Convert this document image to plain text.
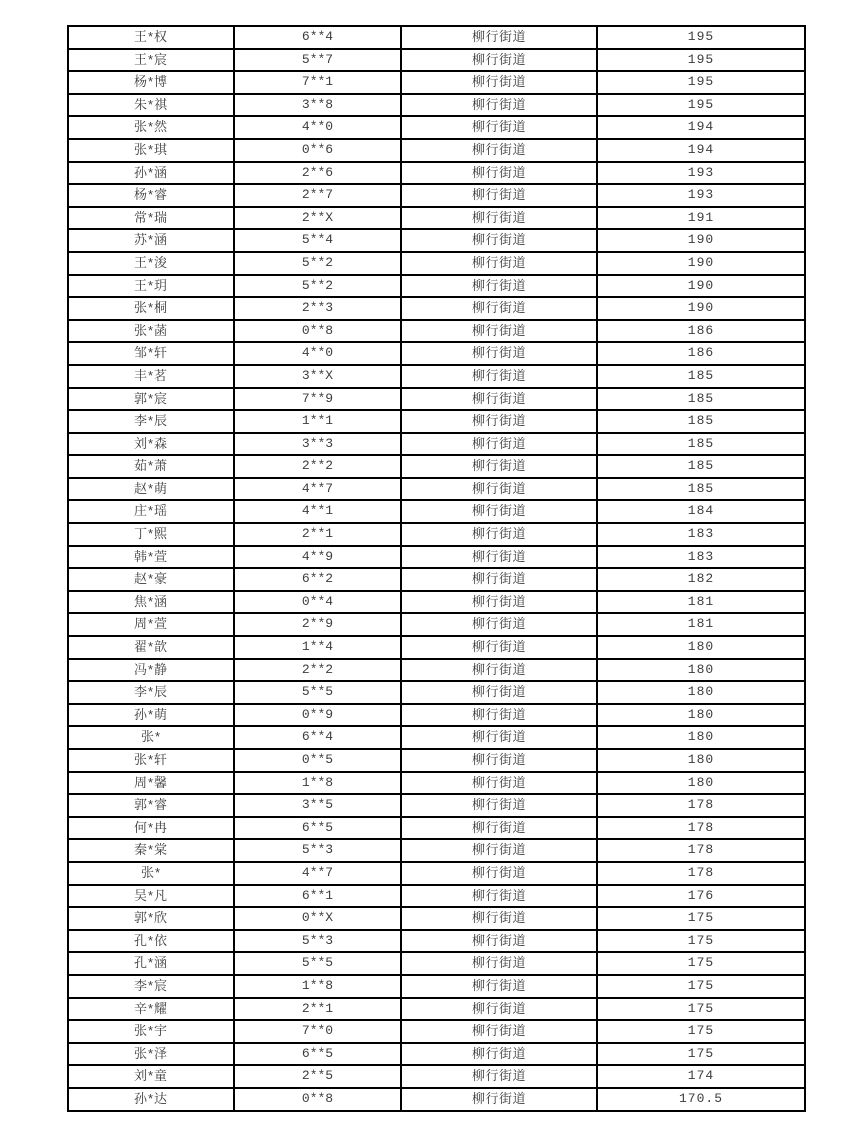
王*权	6**4	柳行街道	195
王*宸	5**7	柳行街道	195
杨*博	7**1	柳行街道	195
朱*祺	3**8	柳行街道	195
张*然	4**0	柳行街道	194
张*琪	0**6	柳行街道	194
孙*涵	2**6	柳行街道	193
杨*睿	2**7	柳行街道	193
常*瑞	2**X	柳行街道	191
苏*涵	5**4	柳行街道	190
王*浚	5**2	柳行街道	190
王*玥	5**2	柳行街道	190
张*桐	2**3	柳行街道	190
张*菡	0**8	柳行街道	186
邹*轩	4**0	柳行街道	186
丰*茗	3**X	柳行街道	185
郭*宸	7**9	柳行街道	185
李*辰	1**1	柳行街道	185
刘*森	3**3	柳行街道	185
茹*萧	2**2	柳行街道	185
赵*萌	4**7	柳行街道	185
庄*瑶	4**1	柳行街道	184
丁*熙	2**1	柳行街道	183
韩*萱	4**9	柳行街道	183
赵*豪	6**2	柳行街道	182
焦*涵	0**4	柳行街道	181
周*萱	2**9	柳行街道	181
翟*歆	1**4	柳行街道	180
冯*静	2**2	柳行街道	180
李*辰	5**5	柳行街道	180
孙*萌	0**9	柳行街道	180
张*	6**4	柳行街道	180
张*轩	0**5	柳行街道	180
周*馨	1**8	柳行街道	180
郭*睿	3**5	柳行街道	178
何*冉	6**5	柳行街道	178
秦*棠	5**3	柳行街道	178
张*	4**7	柳行街道	178
吴*凡	6**1	柳行街道	176
郭*欣	0**X	柳行街道	175
孔*依	5**3	柳行街道	175
孔*涵	5**5	柳行街道	175
李*宸	1**8	柳行街道	175
辛*耀	2**1	柳行街道	175
张*宇	7**0	柳行街道	175
张*泽	6**5	柳行街道	175
刘*童	2**5	柳行街道	174
孙*达	0**8	柳行街道	170.5
